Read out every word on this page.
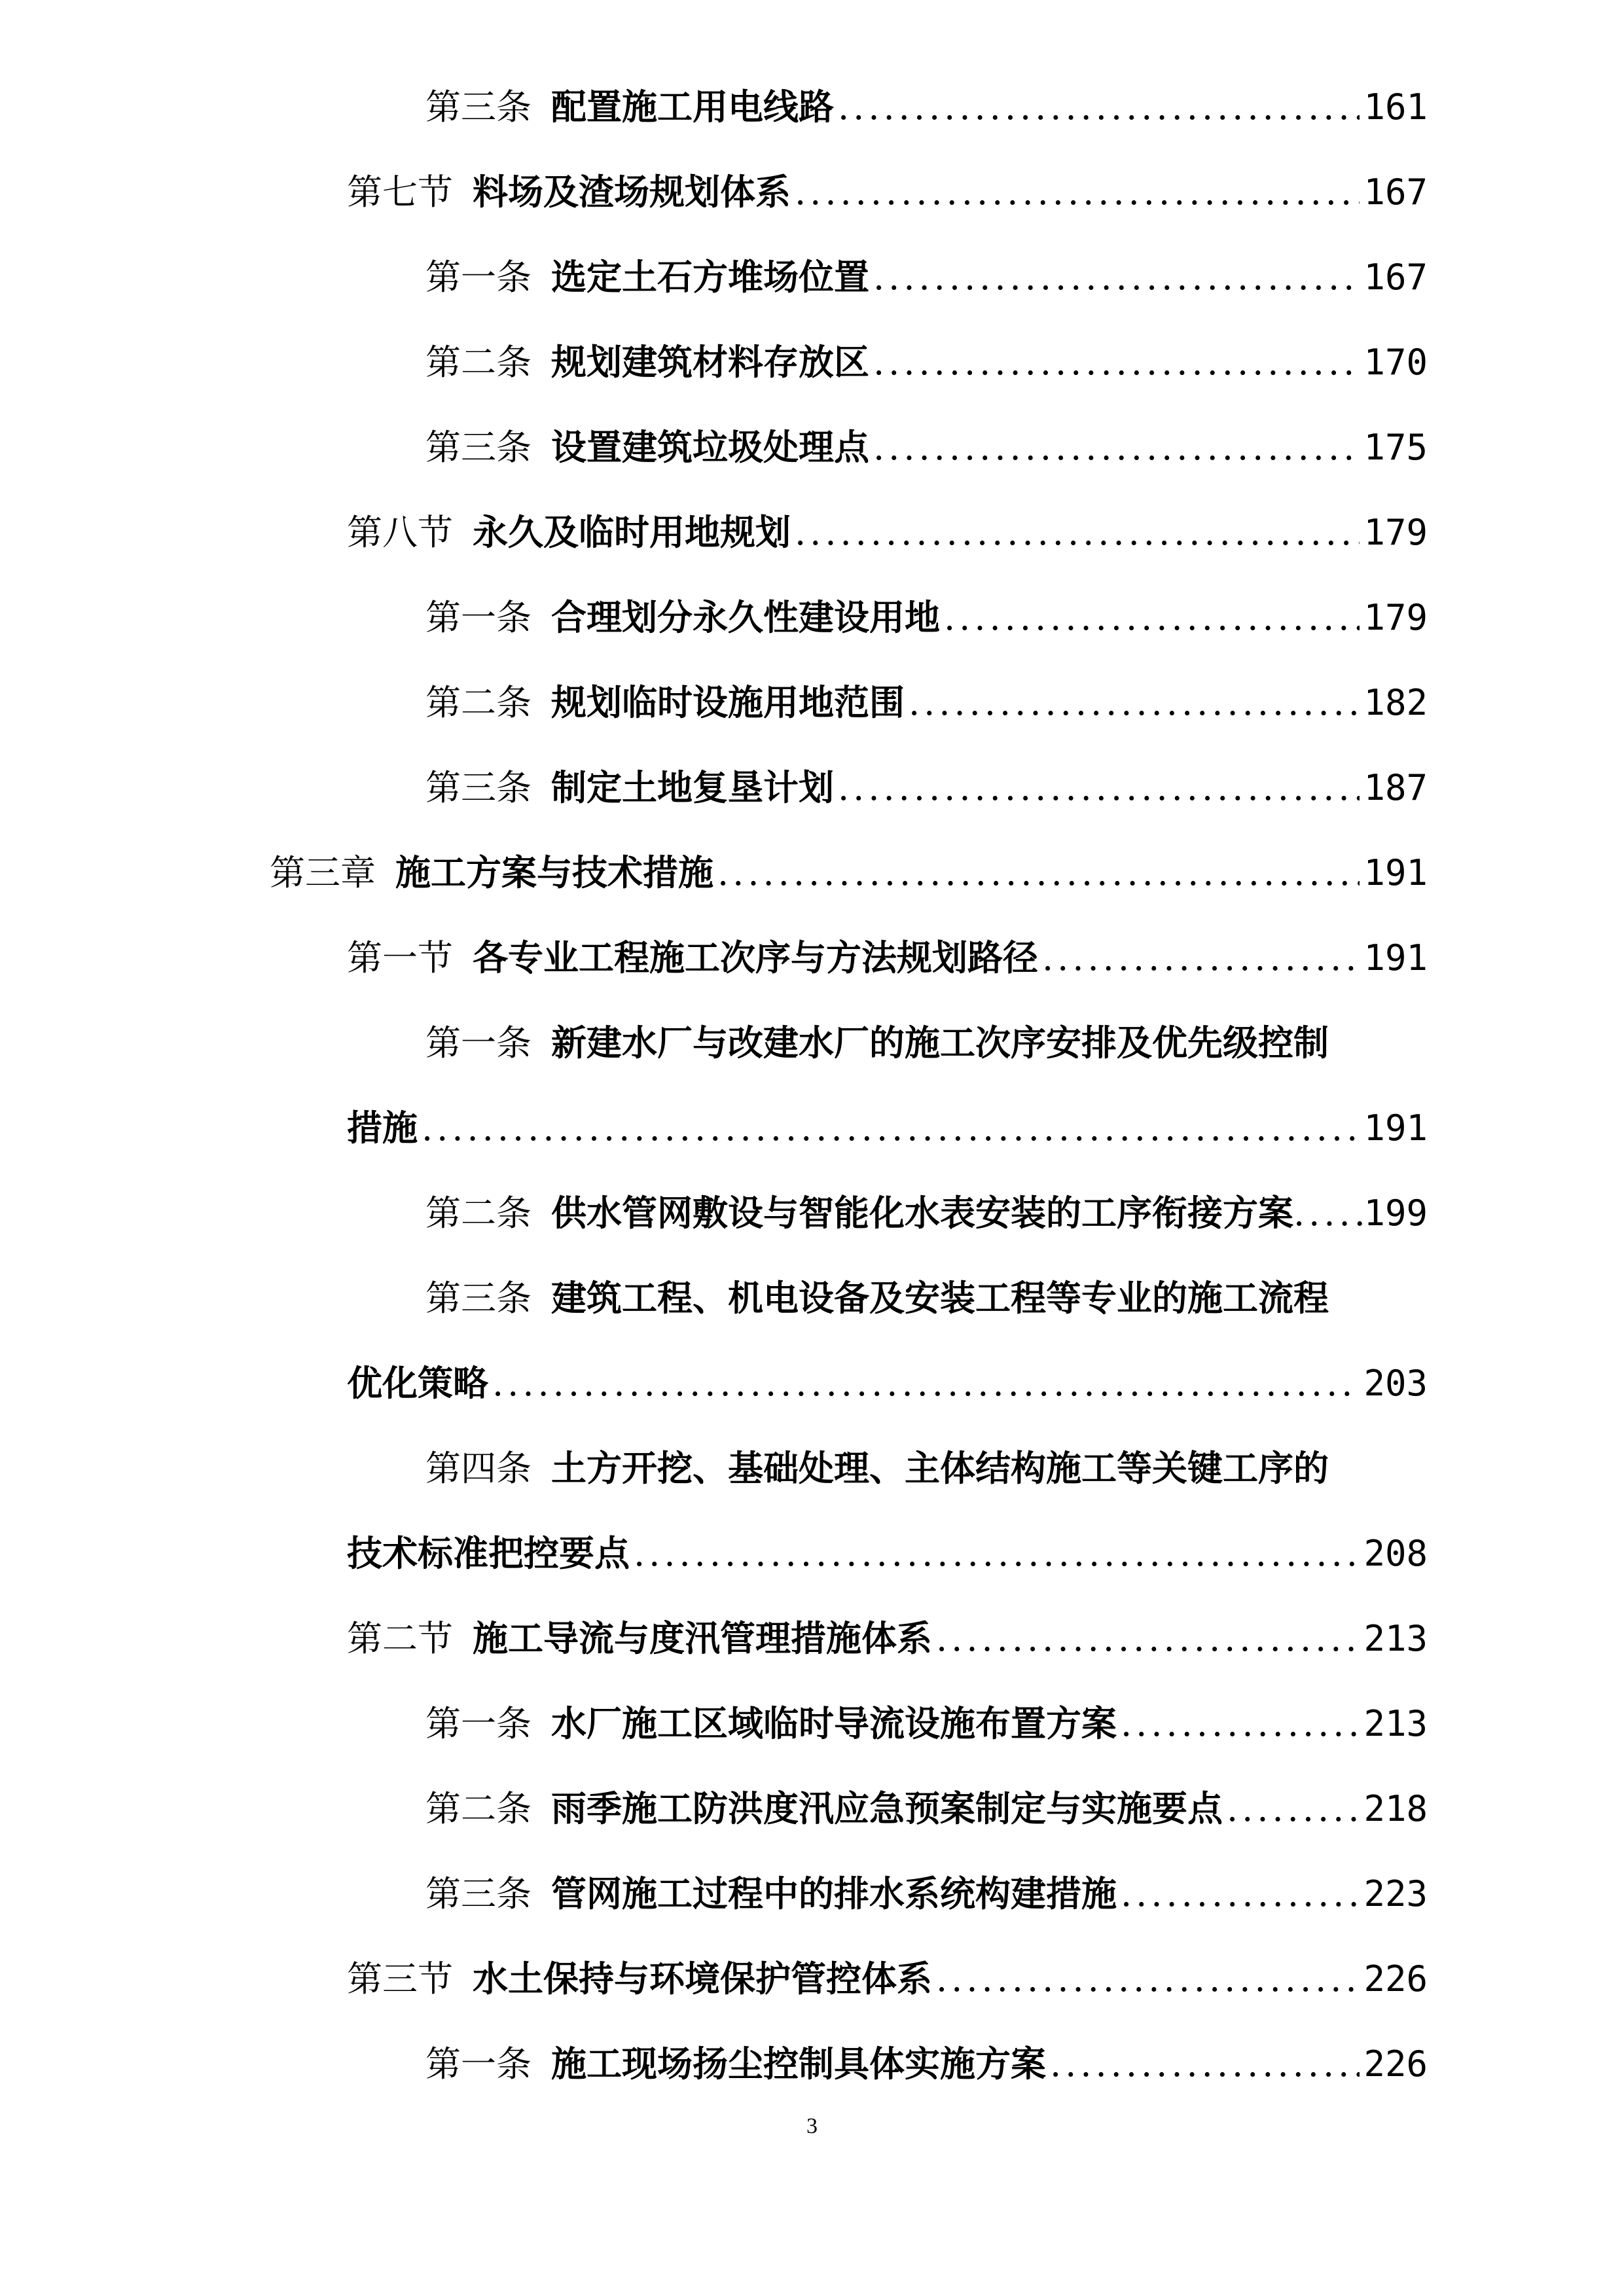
第三条 配置施工用电线路 .....	161
第七节 料场及渣场规划体系 .....	167
第一条 选定土石方堆场位置 .....	167
第二条 规划建筑材料存放区 .....	170
第三条 设置建筑垃圾处理点 .....	175
第八节 永久及临时用地规划 .....	179
第一条 合理划分永久性建设用地 .....	179
第二条 规划临时设施用地范围 .....	182
第三条 制定土地复垦计划 .....	187
第三章 施工方案与技术措施 .....	191
第一节 各专业工程施工次序与方法规划路径 .....	191
第一条 新建水厂与改建水厂的施工次序安排及优先级控制
措施 .....	191
第二条 供水管网敷设与智能化水表安装的工序衔接方案 ..... 199
第三条 建筑工程、机电设备及安装工程等专业的施工流程
优化策略 .....	203
第四条 土方开挖、基础处理、主体结构施工等关键工序的
技术标准把控要点 .....	208
第二节 施工导流与度汛管理措施体系 .....	213
第一条 水厂施工区域临时导流设施布置方案 .....	213
第二条 雨季施工防洪度汛应急预案制定与实施要点 .....	218
第三条 管网施工过程中的排水系统构建措施 .....	223
第三节 水土保持与环境保护管控体系 .....	226
第一条 施工现场扬尘控制具体实施方案 .....	226
3
